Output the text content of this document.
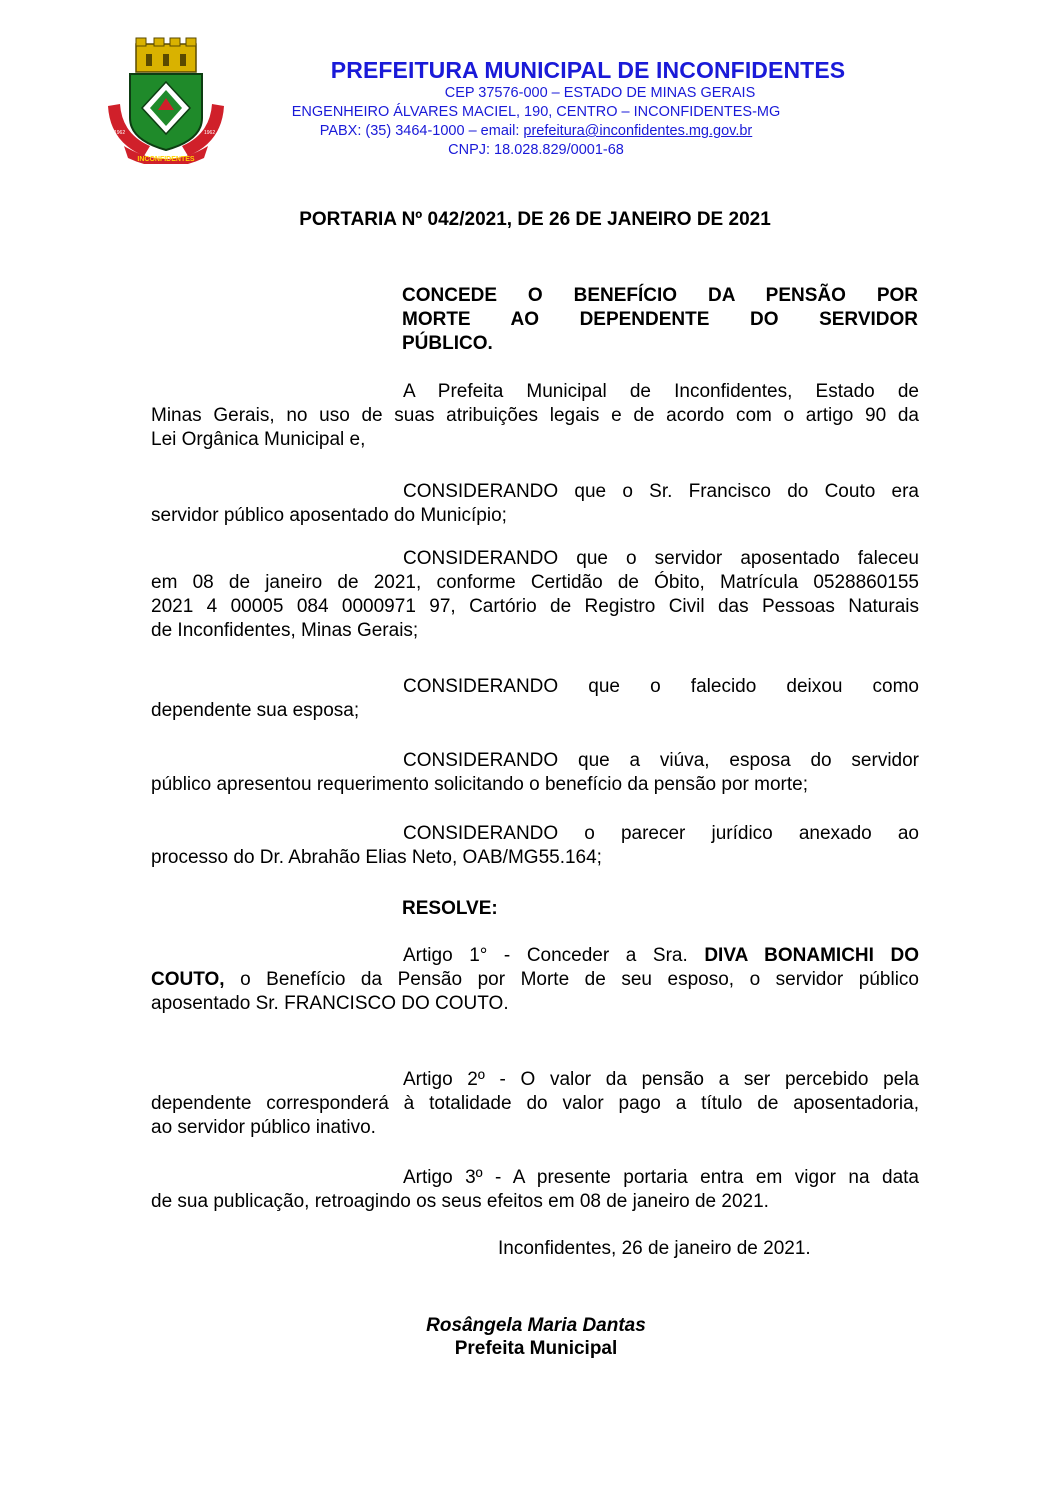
INCONFIDENTES
1962	1962
PREFEITURA MUNICIPAL DE INCONFIDENTES
CEP 37576-000 – ESTADO DE MINAS GERAIS
ENGENHEIRO ÁLVARES MACIEL, 190, CENTRO – INCONFIDENTES-MG
PABX: (35) 3464-1000 – email: prefeitura@inconfidentes.mg.gov.br
CNPJ: 18.028.829/0001-68
PORTARIA Nº 042/2021, DE 26 DE JANEIRO DE 2021
CONCEDE O BENEFÍCIO DA PENSÃO POR
MORTE AO DEPENDENTE DO SERVIDOR
PÚBLICO.
A Prefeita Municipal de Inconfidentes, Estado de
Minas Gerais, no uso de suas atribuições legais e de acordo com o artigo 90 da
Lei Orgânica Municipal e,
CONSIDERANDO que o Sr. Francisco do Couto era
servidor público aposentado do Município;
CONSIDERANDO que o servidor aposentado faleceu
em 08 de janeiro de 2021, conforme Certidão de Óbito, Matrícula 0528860155
2021 4 00005 084 0000971 97, Cartório de Registro Civil das Pessoas Naturais
de Inconfidentes, Minas Gerais;
CONSIDERANDO que o falecido deixou como
dependente sua esposa;
CONSIDERANDO que a viúva, esposa do servidor
público apresentou requerimento solicitando o benefício da pensão por morte;
CONSIDERANDO o parecer jurídico anexado ao
processo do Dr. Abrahão Elias Neto, OAB/MG55.164;
RESOLVE:
Artigo 1° - Conceder a Sra. DIVA BONAMICHI DO
COUTO, o Benefício da Pensão por Morte de seu esposo, o servidor público
aposentado Sr. FRANCISCO DO COUTO.
Artigo 2º - O valor da pensão a ser percebido pela
dependente corresponderá à totalidade do valor pago a título de aposentadoria,
ao servidor público inativo.
Artigo 3º - A presente portaria entra em vigor na data
de sua publicação, retroagindo os seus efeitos em 08 de janeiro de 2021.
Inconfidentes, 26 de janeiro de 2021.
Rosângela Maria Dantas
Prefeita Municipal
